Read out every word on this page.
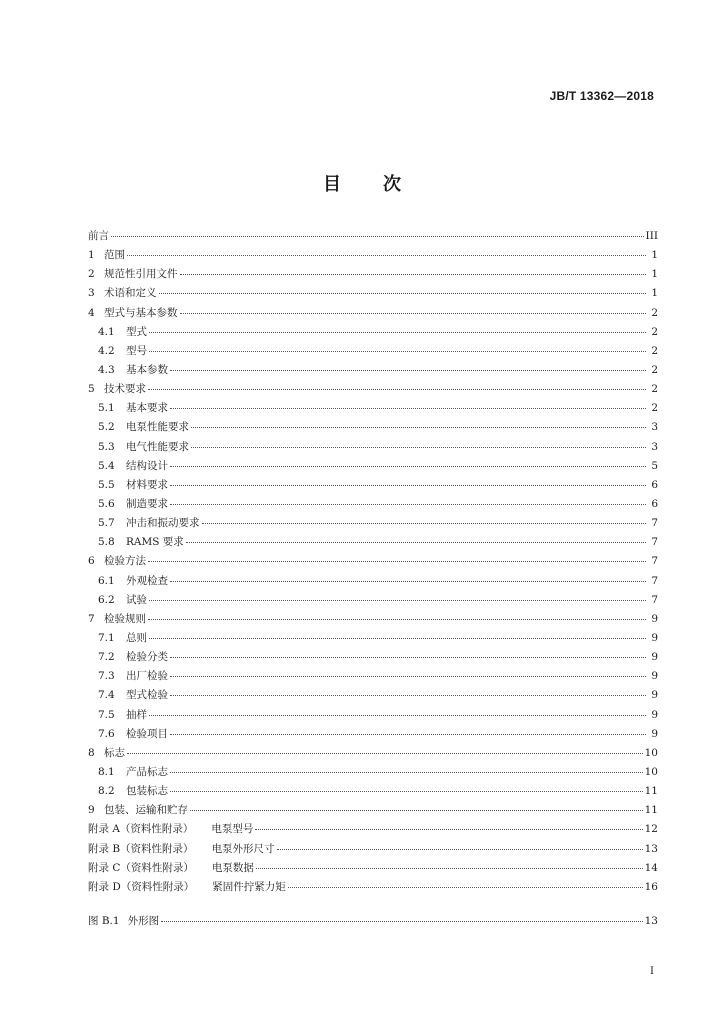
JB/T 13362—2018
目 次
前言	III
1 范围	1
2 规范性引用文件	1
3 术语和定义	1
4 型式与基本参数	2
4.1	型式	2
4.2	型号	2
4.3	基本参数	2
5 技术要求	2
5.1	基本要求	2
5.2	电泵性能要求	3
5.3	电气性能要求	3
5.4	结构设计	5
5.5	材料要求	6
5.6	制造要求	6
5.7	冲击和振动要求	7
5.8	RAMS 要求	7
6 检验方法	7
6.1	外观检查	7
6.2	试验	7
7 检验规则	9
7.1	总则	9
7.2	检验分类	9
7.3	出厂检验	9
7.4	型式检验	9
7.5	抽样	9
7.6	检验项目	9
8 标志	10
8.1	产品标志	10
8.2	包装标志	11
9 包装、运输和贮存	11
附录 A（资料性附录） 电泵型号	12
附录 B（资料性附录） 电泵外形尺寸	13
附录 C（资料性附录） 电泵数据	14
附录 D（资料性附录） 紧固件拧紧力矩	16
图 B.1 外形图	13
I
